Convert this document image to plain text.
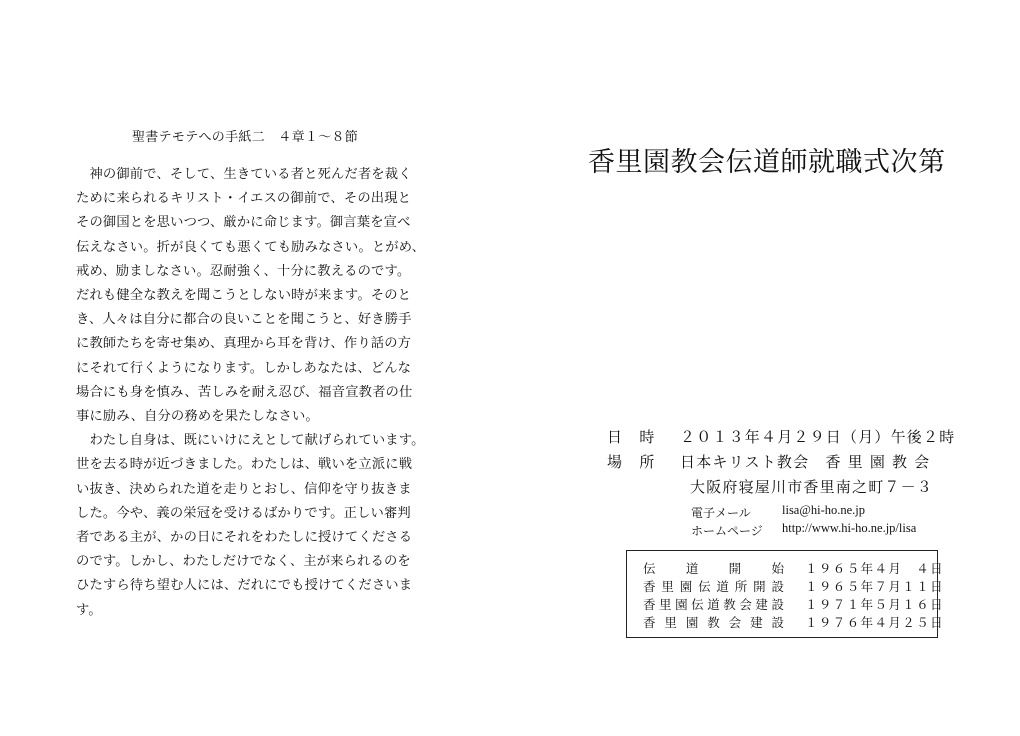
聖書テモテへの手紙二　４章１～８節
　神の御前で、そして、生きている者と死んだ者を裁く
ために来られるキリスト・イエスの御前で、その出現と
その御国とを思いつつ、厳かに命じます。御言葉を宣べ
伝えなさい。折が良くても悪くても励みなさい。とがめ、
戒め、励ましなさい。忍耐強く、十分に教えるのです。
だれも健全な教えを聞こうとしない時が来ます。そのと
き、人々は自分に都合の良いことを聞こうと、好き勝手
に教師たちを寄せ集め、真理から耳を背け、作り話の方
にそれて行くようになります。しかしあなたは、どんな
場合にも身を慎み、苦しみを耐え忍び、福音宣教者の仕
事に励み、自分の務めを果たしなさい。
　わたし自身は、既にいけにえとして献げられています。
世を去る時が近づきました。わたしは、戦いを立派に戦
い抜き、決められた道を走りとおし、信仰を守り抜きま
した。今や、義の栄冠を受けるばかりです。正しい審判
者である主が、かの日にそれをわたしに授けてくださる
のです。しかし、わたしだけでなく、主が来られるのを
ひたすら待ち望む人には、だれにでも授けてくださいま
す。
香里園教会伝道師就職式次第
日　時 ２０１３年４月２９日（月）午後２時
場　所 日本キリスト教会　香 里 園 教 会
大阪府寝屋川市香里南之町７－３
電子メール lisa@hi-ho.ne.jp
ホームページ http://www.hi-ho.ne.jp/lisa
伝道開始 １９６５年４月　４日
香里園伝道所開設 １９６５年７月１１日
香里園伝道教会建設 １９７１年５月１６日
香里園教会建設 １９７６年４月２５日
